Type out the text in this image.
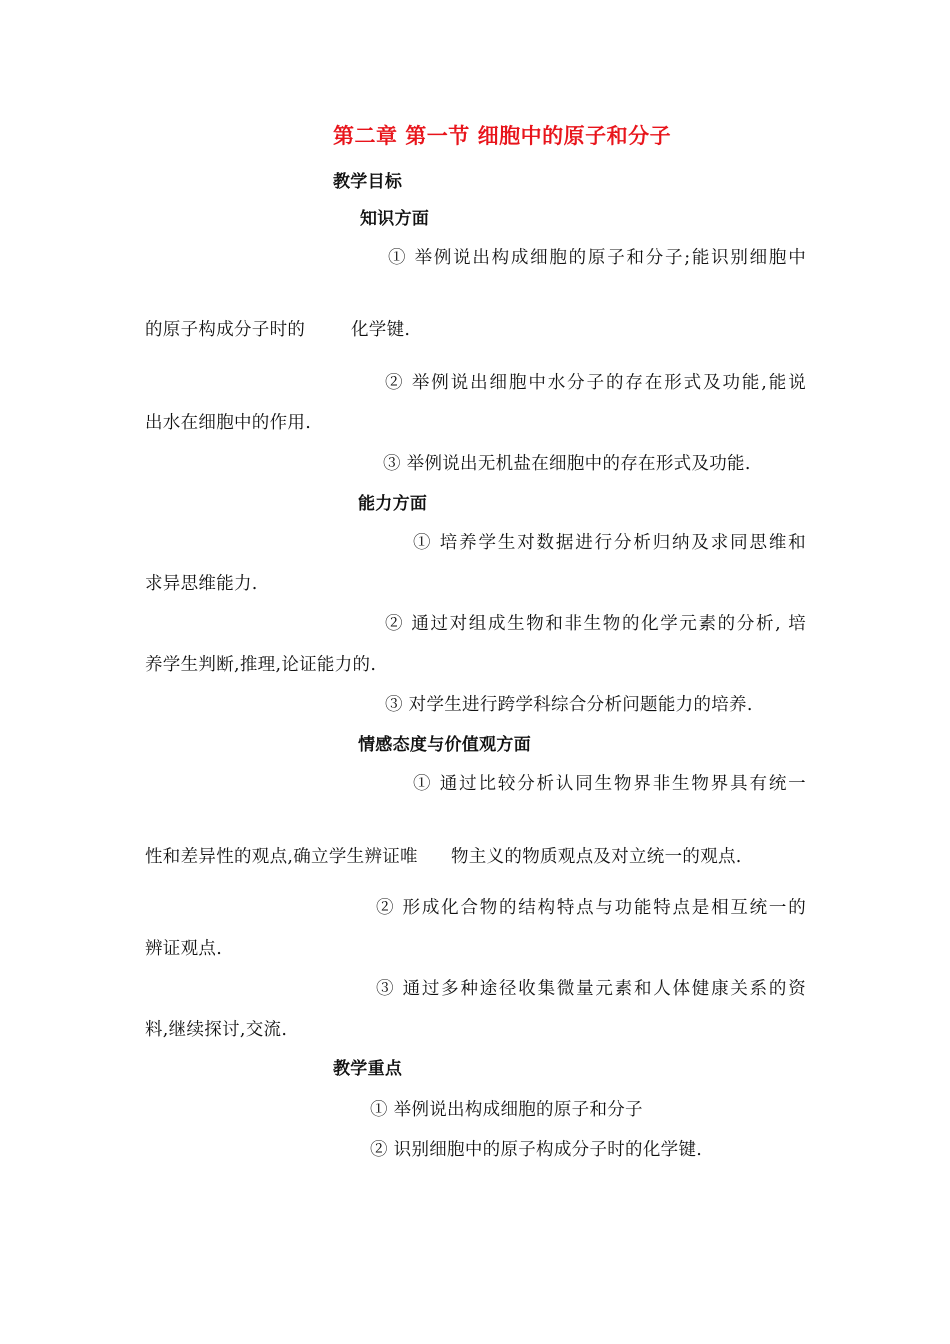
第二章 第一节 细胞中的原子和分子
教学目标
知识方面
① 举例说出构成细胞的原子和分子;能识别细胞中
的原子构成分子时的	化学键.
② 举例说出细胞中水分子的存在形式及功能,能说
出水在细胞中的作用.
③ 举例说出无机盐在细胞中的存在形式及功能.
能力方面
① 培养学生对数据进行分析归纳及求同思维和
求异思维能力.
② 通过对组成生物和非生物的化学元素的分析, 培
养学生判断,推理,论证能力的.
③ 对学生进行跨学科综合分析问题能力的培养.
情感态度与价值观方面
① 通过比较分析认同生物界非生物界具有统一
性和差异性的观点,确立学生辨证唯 物主义的物质观点及对立统一的观点.
② 形成化合物的结构特点与功能特点是相互统一的
辨证观点.
③ 通过多种途径收集微量元素和人体健康关系的资
料,继续探讨,交流.
教学重点
① 举例说出构成细胞的原子和分子
② 识别细胞中的原子构成分子时的化学键.
